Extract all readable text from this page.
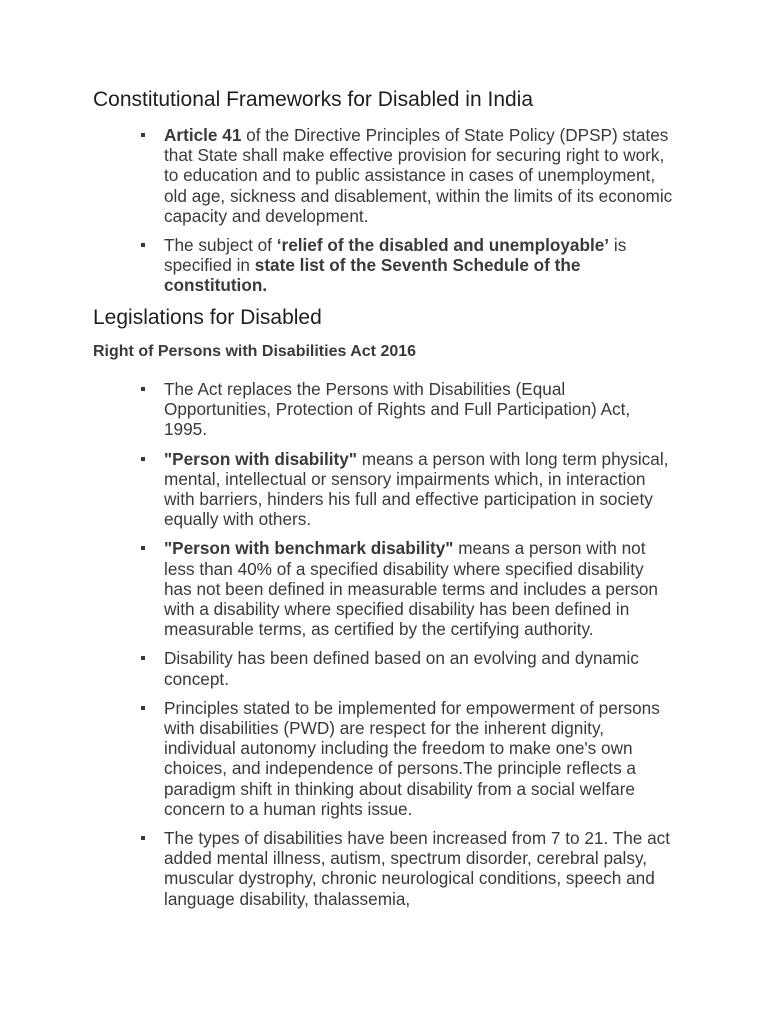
Constitutional Frameworks for Disabled in India
Article 41 of the Directive Principles of State Policy (DPSP) states that State shall make effective provision for securing right to work, to education and to public assistance in cases of unemployment, old age, sickness and disablement, within the limits of its economic capacity and development.
The subject of ‘relief of the disabled and unemployable’ is specified in state list of the Seventh Schedule of the constitution.
Legislations for Disabled
Right of Persons with Disabilities Act 2016
The Act replaces the Persons with Disabilities (Equal Opportunities, Protection of Rights and Full Participation) Act, 1995.
"Person with disability" means a person with long term physical, mental, intellectual or sensory impairments which, in interaction with barriers, hinders his full and effective participation in society equally with others.
"Person with benchmark disability" means a person with not less than 40% of a specified disability where specified disability has not been defined in measurable terms and includes a person with a disability where specified disability has been defined in measurable terms, as certified by the certifying authority.
Disability has been defined based on an evolving and dynamic concept.
Principles stated to be implemented for empowerment of persons with disabilities (PWD) are respect for the inherent dignity, individual autonomy including the freedom to make one's own choices, and independence of persons.The principle reflects a paradigm shift in thinking about disability from a social welfare concern to a human rights issue.
The types of disabilities have been increased from 7 to 21. The act added mental illness, autism, spectrum disorder, cerebral palsy, muscular dystrophy, chronic neurological conditions, speech and language disability, thalassemia,
